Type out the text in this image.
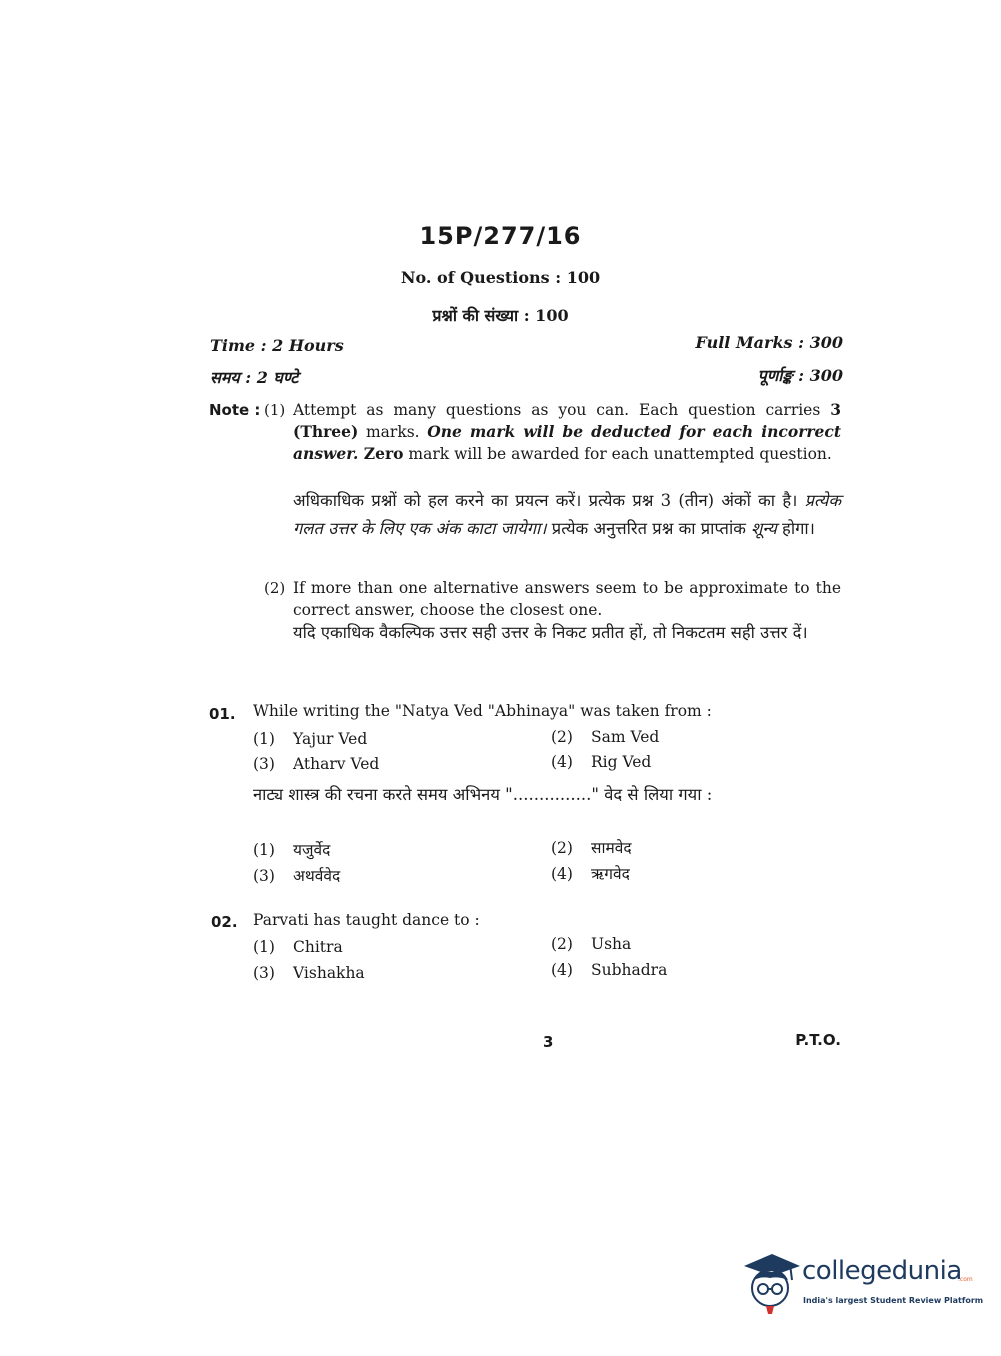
15P/277/16
No. of Questions : 100
प्रश्नों की संख्या : 100
Time : 2 Hours
समय : 2 घण्टे
Full Marks : 300
पूर्णाङ्क : 300
Note : (1) Attempt as many questions as you can. Each question carries 3 (Three) marks. One mark will be deducted for each incorrect answer. Zero mark will be awarded for each unattempted question.
अधिकाधिक प्रश्नों को हल करने का प्रयत्न करें। प्रत्येक प्रश्न 3 (तीन) अंकों का है। प्रत्येक गलत उत्तर के लिए एक अंक काटा जायेगा। प्रत्येक अनुत्तरित प्रश्न का प्राप्तांक शून्य होगा।
(2) If more than one alternative answers seem to be approximate to the correct answer, choose the closest one.
यदि एकाधिक वैकल्पिक उत्तर सही उत्तर के निकट प्रतीत हों, तो निकटतम सही उत्तर दें।
01. While writing the "Natya Ved "Abhinaya" was taken from :
(1) Yajur Ved	(2) Sam Ved
(3) Atharv Ved	(4) Rig Ved
नाट्य शास्त्र की रचना करते समय अभिनय "..............." वेद से लिया गया :
(1) यजुर्वेद	(2) सामवेद
(3) अथर्ववेद	(4) ऋगवेद
02. Parvati has taught dance to :
(1) Chitra	(2) Usha
(3) Vishakha	(4) Subhadra
3	P.T.O.
collegedunia
.com
India's largest Student Review Platform
